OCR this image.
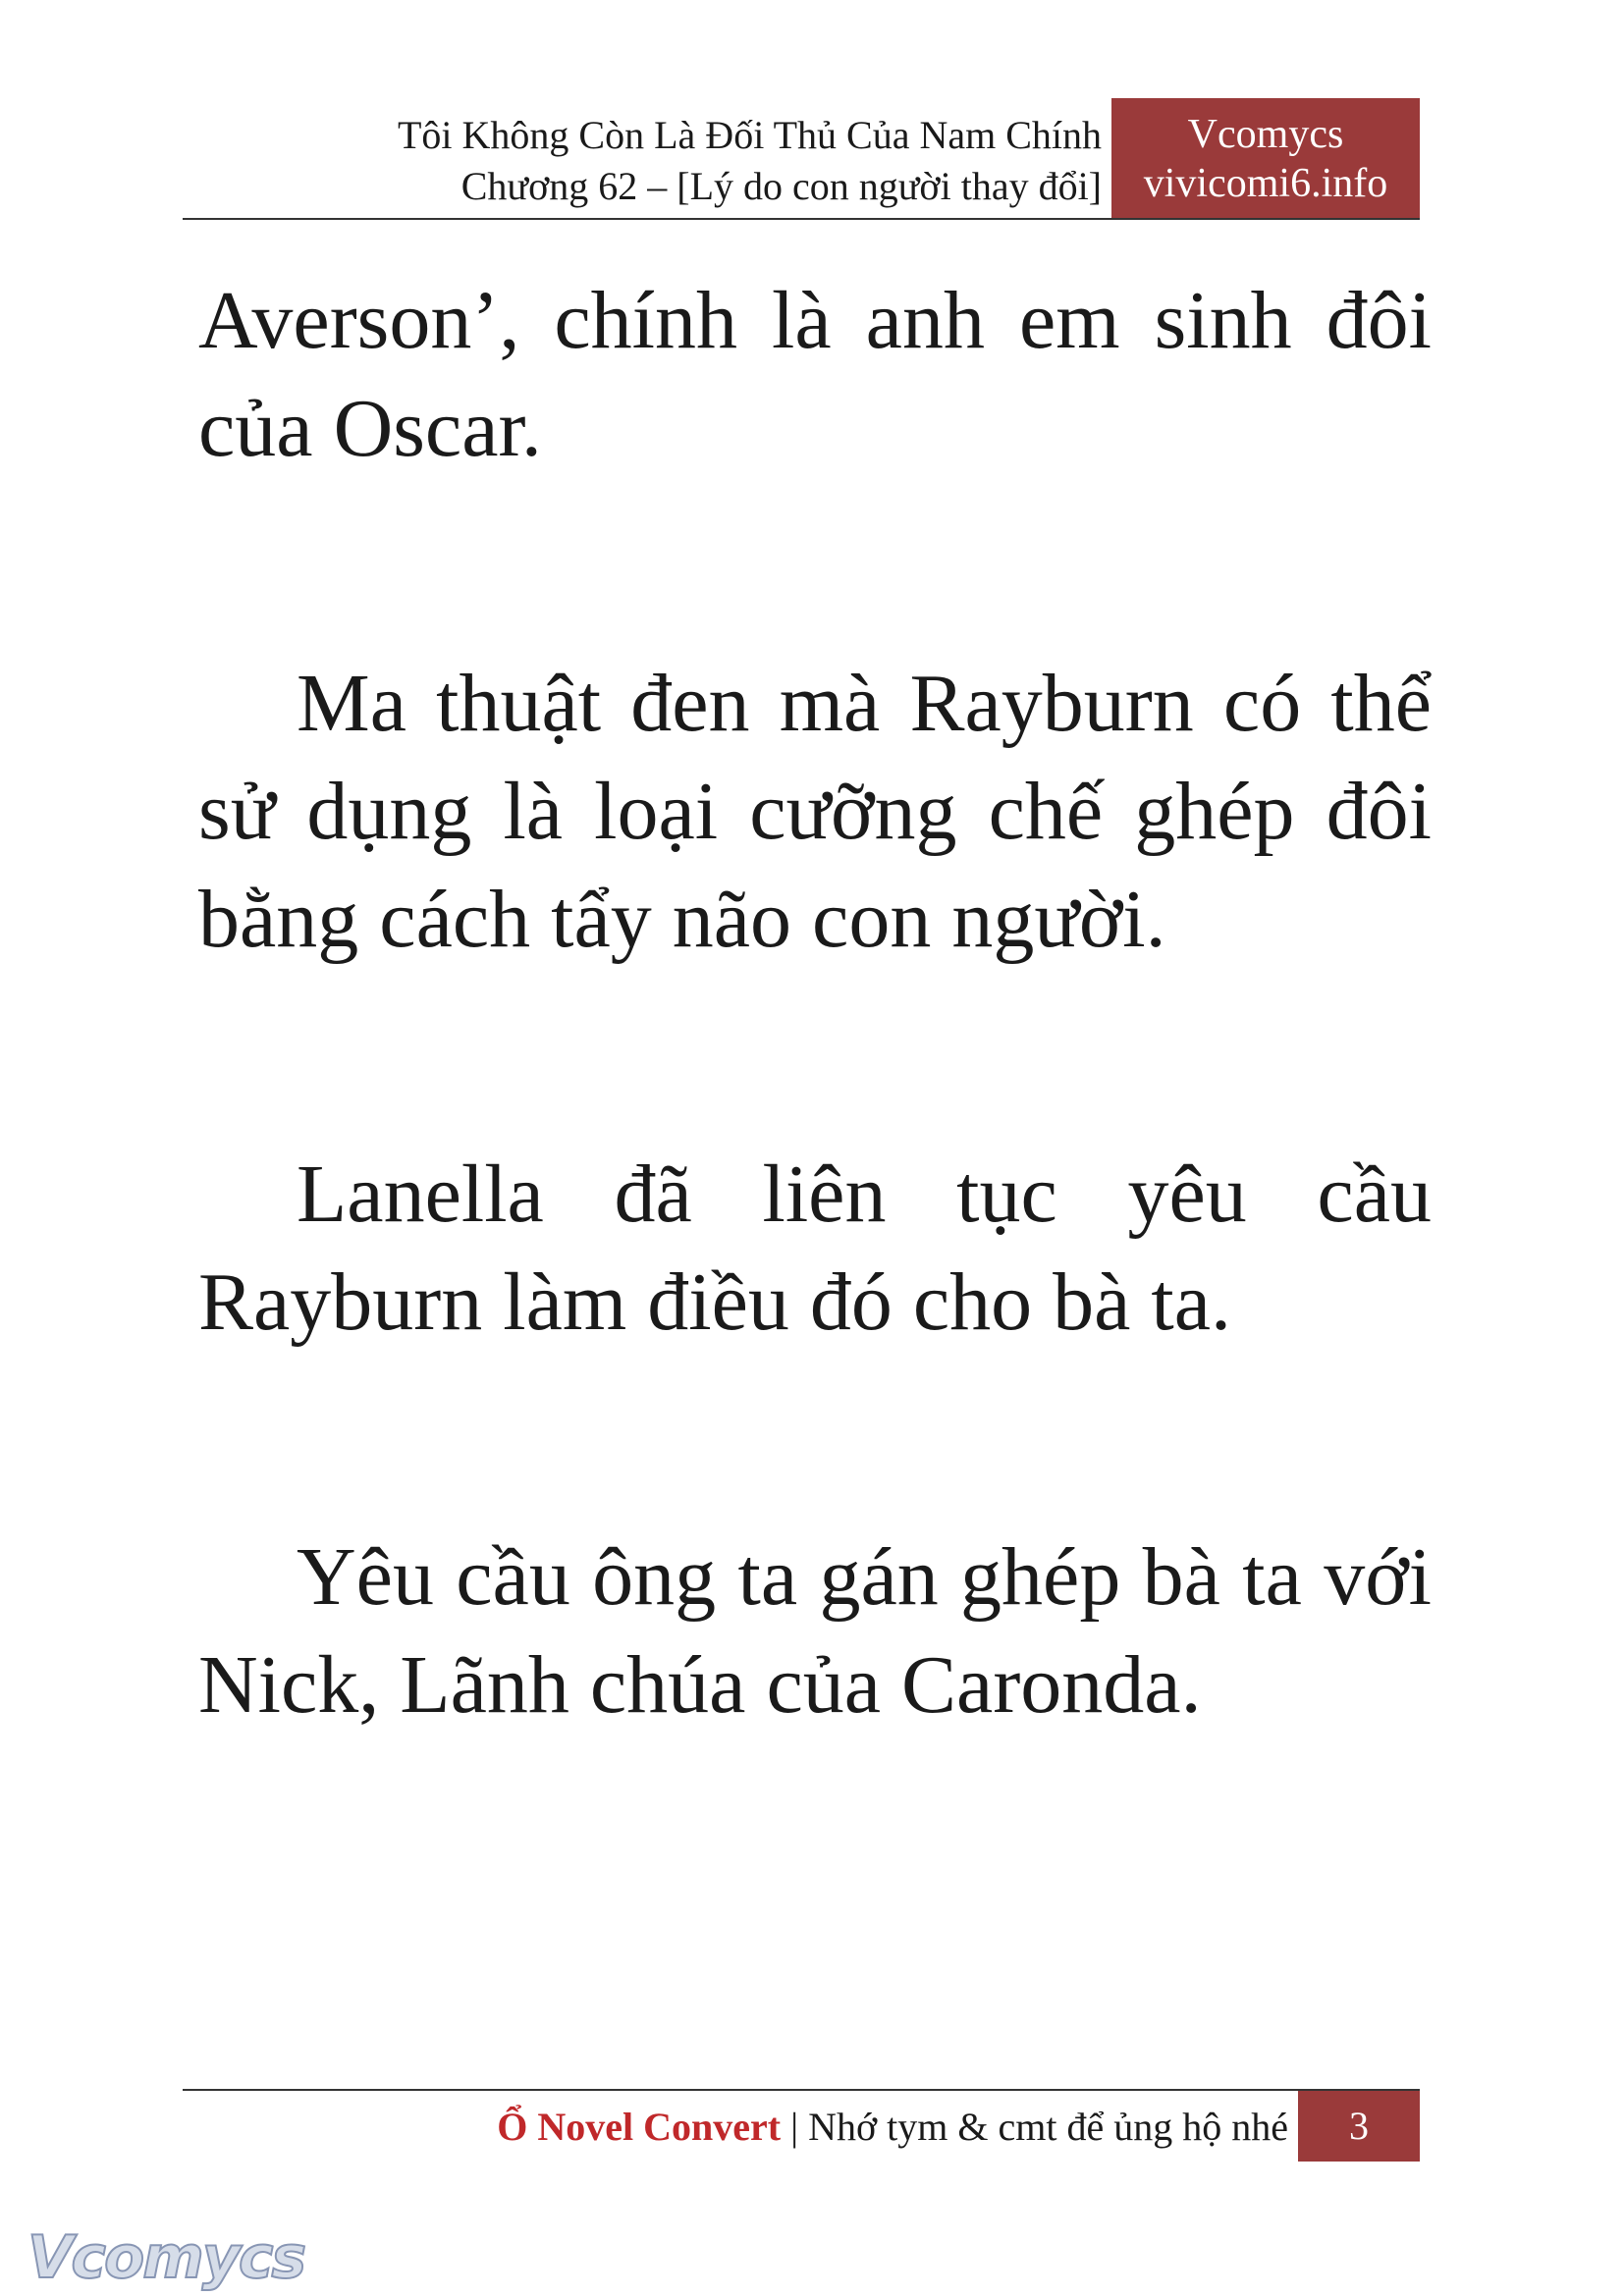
Tôi Không Còn Là Đối Thủ Của Nam Chính
Chương 62 – [Lý do con người thay đổi]
Vcomycs
vivicomi6.info

Averson’, chính là anh em sinh đôi của Oscar.

Ma thuật đen mà Rayburn có thể sử dụng là loại cưỡng chế ghép đôi bằng cách tẩy não con người.

Lanella đã liên tục yêu cầu Rayburn làm điều đó cho bà ta.

Yêu cầu ông ta gán ghép bà ta với Nick, Lãnh chúa của Caronda.

Ổ Novel Convert | Nhớ tym & cmt để ủng hộ nhé	3
Vcomycs
